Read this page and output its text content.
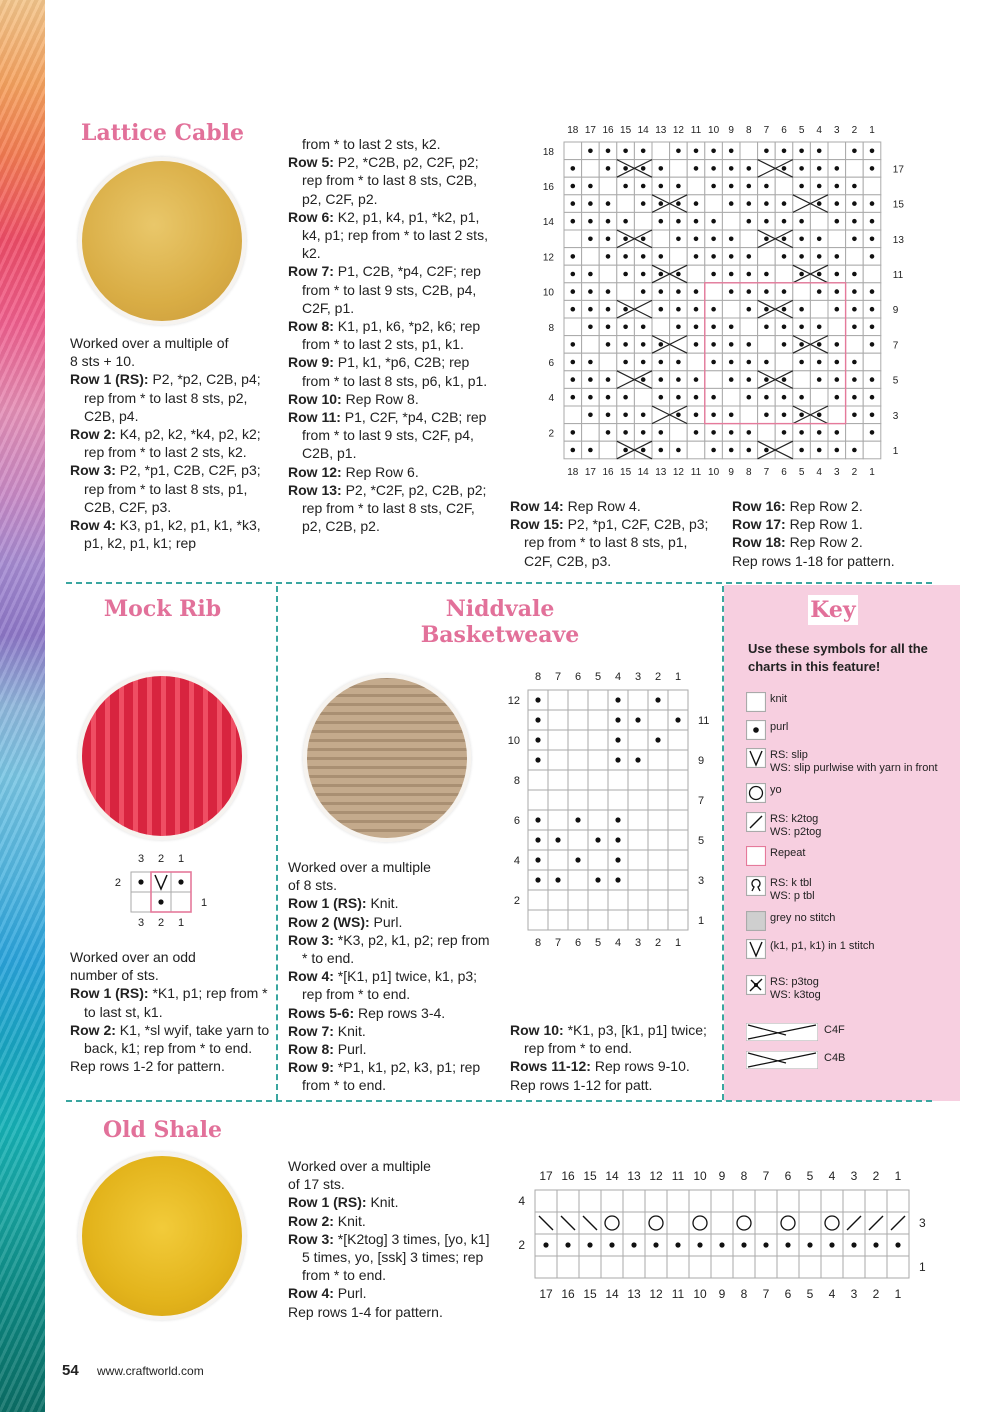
Lattice Cable

Worked over a multiple of

8 sts + 10.

Row 1 (RS): P2, *p2, C2B, p4; rep from * to last 8 sts, p2, C2B, p4.

Row 2: K4, p2, k2, *k4, p2, k2; rep from * to last 2 sts, k2.

Row 3: P2, *p1, C2B, C2F, p3; rep from * to last 8 sts, p1, C2B, C2F, p3.

Row 4: K3, p1, k2, p1, k1, *k3, p1, k2, p1, k1; rep

from * to last 2 sts, k2.

Row 5: P2, *C2B, p2, C2F, p2; rep from * to last 8 sts, C2B, p2, C2F, p2.

Row 6: K2, p1, k4, p1, *k2, p1, k4, p1; rep from * to last 2 sts, k2.

Row 7: P1, C2B, *p4, C2F; rep from * to last 9 sts, C2B, p4, C2F, p1.

Row 8: K1, p1, k6, *p2, k6; rep from * to last 2 sts, p1, k1.

Row 9: P1, k1, *p6, C2B; rep from * to last 8 sts, p6, k1, p1.

Row 10: Rep Row 8.

Row 11: P1, C2F, *p4, C2B; rep from * to last 9 sts, C2F, p4, C2B, p1.

Row 12: Rep Row 6.

Row 13: P2, *C2F, p2, C2B, p2; rep from * to last 8 sts, C2F, p2, C2B, p2.

Row 14: Rep Row 4.

Row 15: P2, *p1, C2F, C2B, p3; rep from * to last 8 sts, p1, C2F, C2B, p3.

Row 16: Rep Row 2.

Row 17: Rep Row 1.

Row 18: Rep Row 2.

Rep rows 1-18 for pattern.

18 17 16 15 14 13 12 11 10 9 8 7 6 5 4 3 2 1
18
17
16
15
14
13
12
11
10
9
8
7
6
5
4
3
2
1
18 17 16 15 14 13 12 11 10 9 8 7 6 5 4 3 2 1
Mock Rib
3 2 1
2
1
3 2 1

Worked over an odd

number of sts.

Row 1 (RS): *K1, p1; rep from * to last st, k1.

Row 2: K1, *sl wyif, take yarn to back, k1; rep from * to end.

Rep rows 1-2 for pattern.

Niddvale
Basketweave

Worked over a multiple

of 8 sts.

Row 1 (RS): Knit.

Row 2 (WS): Purl.

Row 3: *K3, p2, k1, p2; rep from * to end.

Row 4: *[K1, p1] twice, k1, p3; rep from * to end.

Rows 5-6: Rep rows 3-4.

Row 7: Knit.

Row 8: Purl.

Row 9: *P1, k1, p2, k3, p1; rep from * to end.

Row 10: *K1, p3, [k1, p1] twice; rep from * to end.

Rows 11-12: Rep rows 9-10.

Rep rows 1-12 for patt.

8 7 6 5 4 3 2 1
12
11
10
9
8
7
6
5
4
3
2
1
8 7 6 5 4 3 2 1
Key
Use these symbols for all the charts in this feature!
knit
purl
RS: slip
WS: slip purlwise with yarn in front
yo
RS: k2tog
WS: p2tog
Repeat
RS: k tbl
WS: p tbl
grey no stitch
(k1, p1, k1) in 1 stitch
RS: p3tog
WS: k3tog
C4F
C4B
Old Shale

Worked over a multiple

of 17 sts.

Row 1 (RS): Knit.

Row 2: Knit.

Row 3: *[K2tog] 3 times, [yo, k1] 5 times, yo, [ssk] 3 times; rep from * to end.

Row 4: Purl.

Rep rows 1-4 for pattern.

17 16 15 14 13 12 11 10 9 8 7 6 5 4 3 2 1
4
3
2
1
17 16 15 14 13 12 11 10 9 8 7 6 5 4 3 2 1
54 www.craftworld.com
